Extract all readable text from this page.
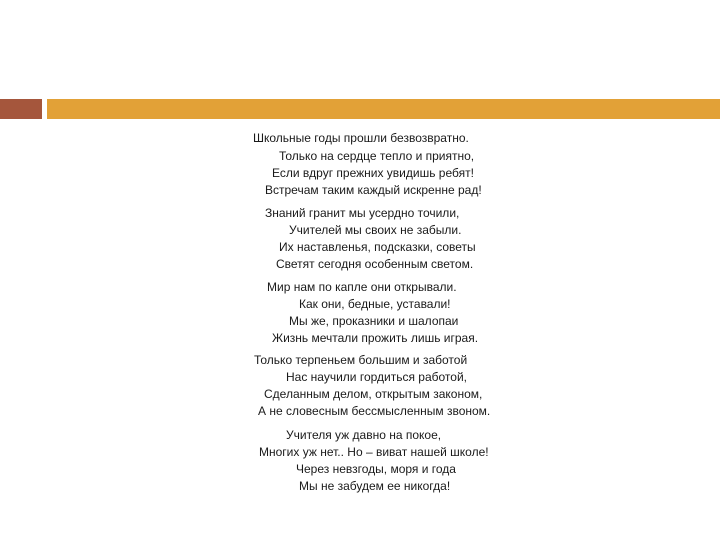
Школьные годы прошли безвозвратно.
Только на сердце тепло и приятно,
Если вдруг прежних увидишь ребят!
Встречам таким каждый искренне рад!
Знаний гранит мы усердно точили,
Учителей мы своих не забыли.
Их наставленья, подсказки, советы
Светят сегодня особенным светом.
Мир нам по капле они открывали.
Как они, бедные, уставали!
Мы же, проказники и шалопаи
Жизнь мечтали прожить лишь играя.
Только терпеньем большим и заботой
Нас научили гордиться работой,
Сделанным делом, открытым законом,
А не словесным бессмысленным звоном.
Учителя уж давно на покое,
Многих уж нет.. Но – виват нашей школе!
Через невзгоды, моря и года
Мы не забудем ее никогда!
